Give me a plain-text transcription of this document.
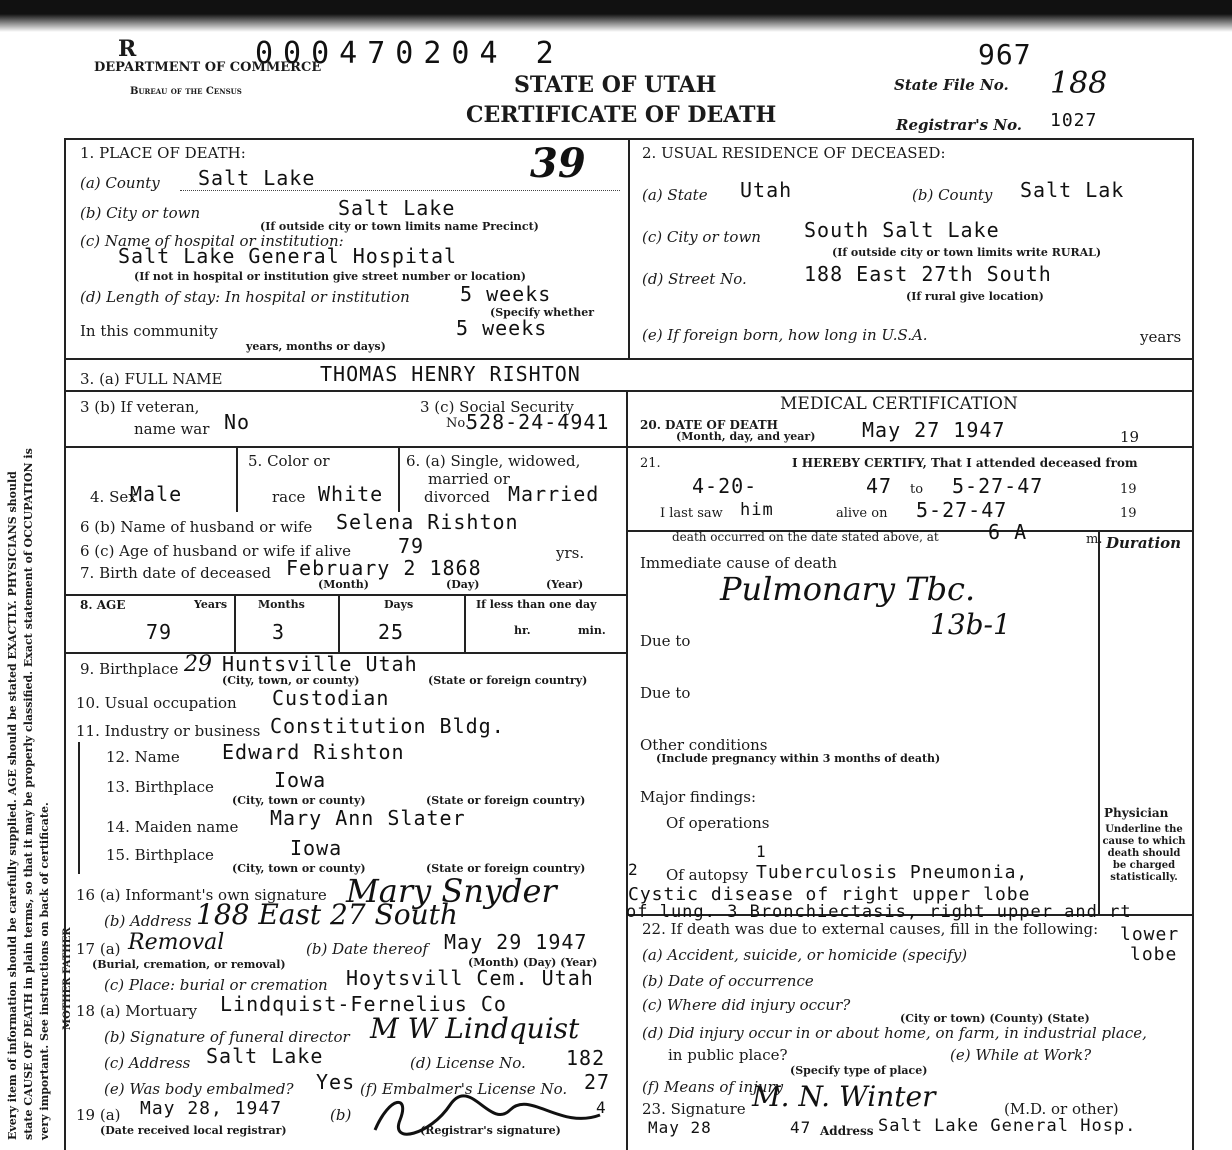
Every item of information should be carefully supplied. AGE should be stated EXACTLY. PHYSICIANS should state CAUSE OF DEATH in plain terms, so that it may be properly classified. Exact statement of OCCUPATION is very important. See instructions on back of certificate. MOTHER FATHER
R	000470204 2
DEPARTMENT OF COMMERCE
Bureau of the Census	STATE OF UTAH
CERTIFICATE OF DEATH
967
State File No. 188
Registrar's No. 1027
1. PLACE OF DEATH:	39
(a) County Salt Lake
(b) City or town	Salt Lake
(If outside city or town limits name Precinct)
(c) Name of hospital or institution:
Salt Lake General Hospital
(If not in hospital or institution give street number or location)
(d) Length of stay: In hospital or institution	5 weeks
(Specify whether
In this community	5 weeks
years, months or days)
2. USUAL RESIDENCE OF DECEASED:
(a) State Utah	(b) County Salt Lak
(c) City or town South Salt Lake
(If outside city or town limits write RURAL)
(d) Street No.	188 East 27th South
(If rural give location)
(e) If foreign born, how long in U.S.A.	years
3. (a) FULL NAME	THOMAS HENRY RISHTON
3 (b) If veteran,
name war No
3 (c) Social Security
No.
528-24-4941
MEDICAL CERTIFICATION
20. DATE OF DEATH
(Month, day, and year) May 27 1947	19
4. Sex
Male
5. Color or
race White
6. (a) Single, widowed,
married or
divorced Married
21.	I HEREBY CERTIFY, That I attended deceased from
4-20-	47 to 5-27-47	19
I last saw him	alive on 5-27-47	19
death occurred on the date stated above, at 6 A	m. Duration
6 (b) Name of husband or wife Selena Rishton
6 (c) Age of husband or wife if alive 79	yrs.
7. Birth date of deceased February 2 1868
(Month)	(Day)	(Year)
Immediate cause of death
Pulmonary Tbc.
13b-1
8. AGE	Years	Months	Days	If less than one day
79	3	25	hr.	min.
Due to
9. Birthplace 29 Huntsville Utah
(City, town, or county)	(State or foreign country)
Due to
10. Usual occupation Custodian
11. Industry or business Constitution Bldg.
12. Name Edward Rishton
13. Birthplace	Iowa
(City, town or county)	(State or foreign country)
14. Maiden name Mary Ann Slater
15. Birthplace	Iowa
(City, town or county)	(State or foreign country)
Other conditions
(Include pregnancy within 3 months of death)
Major findings:
Of operations
1
2
Physician
Underline the cause to which death should be charged statistically.
Of autopsy Tuberculosis Pneumonia,
Cystic disease of right upper lobe
of lung. 3 Bronchiectasis, right upper and rt
lower
lobe
16 (a) Informant's own signature Mary Snyder
(b) Address 188 East 27 South
17 (a) Removal
(Burial, cremation, or removal)
(b) Date thereof May 29 1947
(Month) (Day) (Year)
(c) Place: burial or cremation Hoytsvill Cem. Utah
18 (a) Mortuary Lindquist-Fernelius Co
(b) Signature of funeral director M W Lindquist
(c) Address Salt Lake	(d) License No. 182
(e) Was body embalmed? Yes (f) Embalmer's License No. 27
19 (a) May 28, 1947
(Date received local registrar)
(b)
(Registrar's signature)
4
22. If death was due to external causes, fill in the following:
(a) Accident, suicide, or homicide (specify)
(b) Date of occurrence
(c) Where did injury occur?
(City or town) (County) (State)
(d) Did injury occur in or about home, on farm, in industrial place,
in public place?	(e) While at Work?
(Specify type of place)
(f) Means of injury
23. Signature M. N. Winter	(M.D. or other)
May 28	47 Address Salt Lake General Hosp.
